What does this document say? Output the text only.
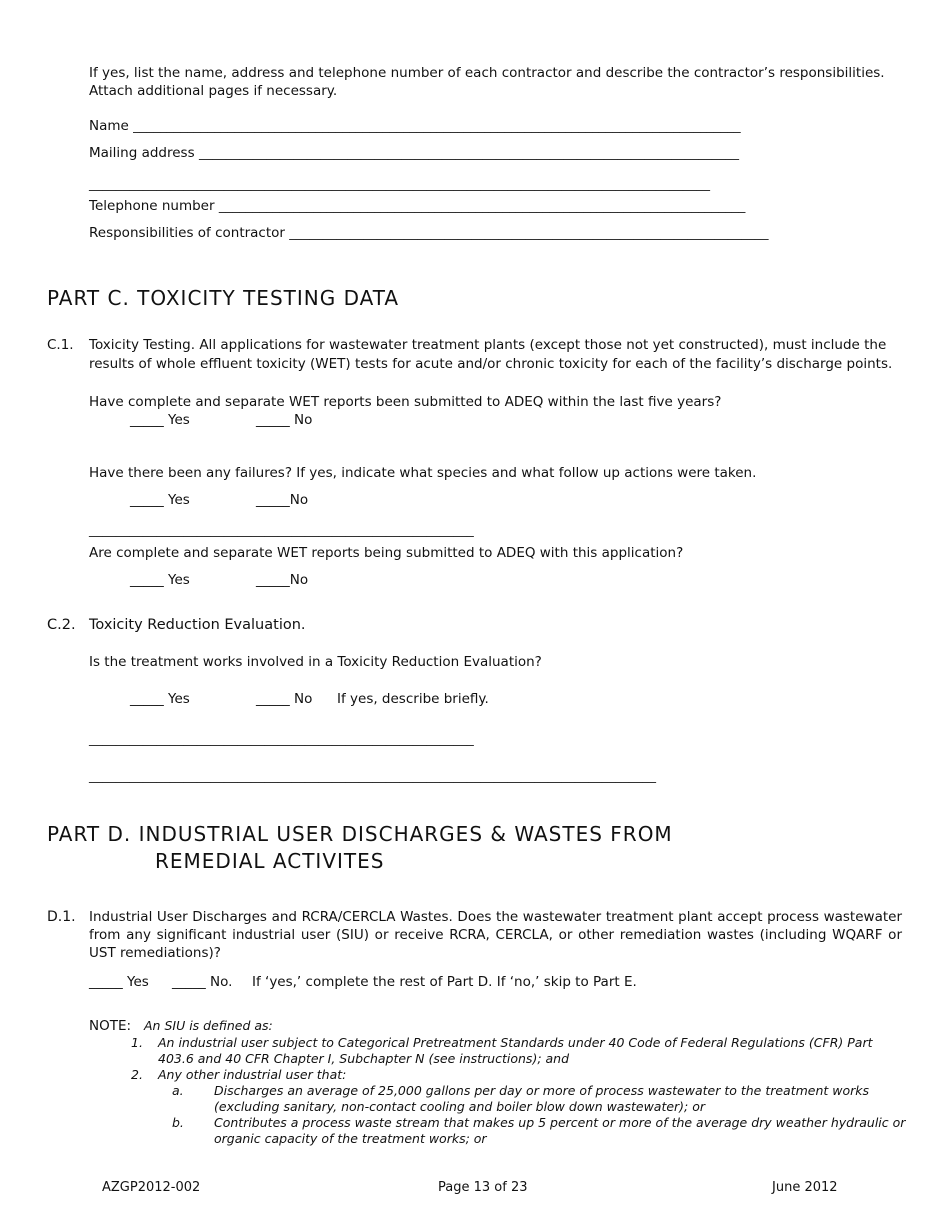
If yes, list the name, address and telephone number of each contractor and describe the contractor’s responsibilities.
Attach additional pages if necessary.
Name __________________________________________________________________________________________
Mailing address ________________________________________________________________________________
____________________________________________________________________________________________
Telephone number ______________________________________________________________________________
Responsibilities of contractor _______________________________________________________________________
PART C. TOXICITY TESTING DATA
C.1. Toxicity Testing. All applications for wastewater treatment plants (except those not yet constructed), must include the
results of whole effluent toxicity (WET) tests for acute and/or chronic toxicity for each of the facility’s discharge points.
Have complete and separate WET reports been submitted to ADEQ within the last five years?
_____ Yes	_____ No
Have there been any failures? If yes, indicate what species and what follow up actions were taken.
_____ Yes	_____No
_________________________________________________________
Are complete and separate WET reports being submitted to ADEQ with this application?
_____ Yes	_____No
C.2. Toxicity Reduction Evaluation.
Is the treatment works involved in a Toxicity Reduction Evaluation?
_____ Yes	_____ No If yes, describe briefly.
_________________________________________________________
____________________________________________________________________________________
PART D. INDUSTRIAL USER DISCHARGES & WASTES FROM
REMEDIAL ACTIVITES
D.1. Industrial User Discharges and RCRA/CERCLA Wastes. Does the wastewater treatment plant accept process wastewater from any significant industrial user (SIU) or receive RCRA, CERCLA, or other remediation wastes (including WQARF or UST remediations)?
_____ Yes _____ No. If ‘yes,’ complete the rest of Part D. If ‘no,’ skip to Part E.
NOTE: An SIU is defined as:
1. An industrial user subject to Categorical Pretreatment Standards under 40 Code of Federal Regulations (CFR) Part
403.6 and 40 CFR Chapter I, Subchapter N (see instructions); and
2. Any other industrial user that:
a. Discharges an average of 25,000 gallons per day or more of process wastewater to the treatment works
(excluding sanitary, non-contact cooling and boiler blow down wastewater); or
b. Contributes a process waste stream that makes up 5 percent or more of the average dry weather hydraulic or
organic capacity of the treatment works; or
AZGP2012-002	Page 13 of 23	June 2012
